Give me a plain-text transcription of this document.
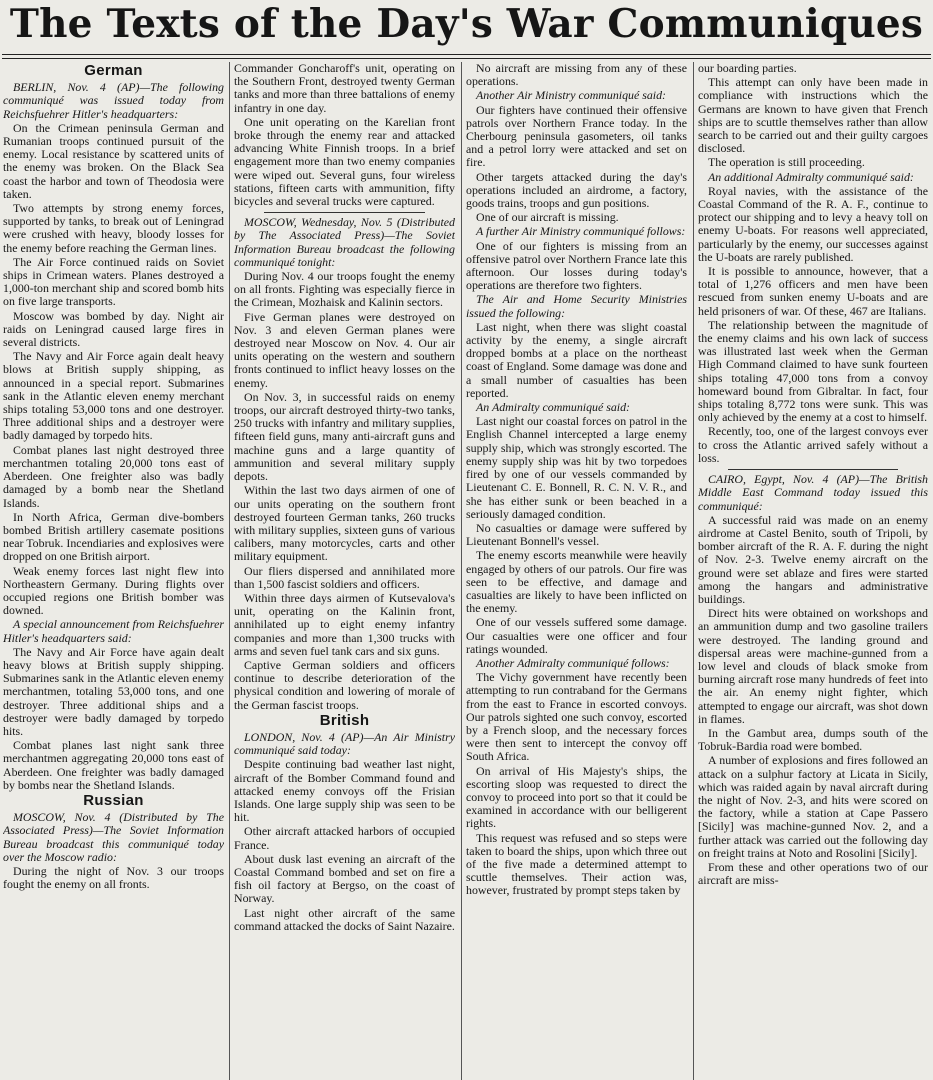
The Texts of the Day's War Communiques
German

BERLIN, Nov. 4 (AP)—The following communiqué was issued today from Reichsfuehrer Hitler's headquarters:

On the Crimean peninsula German and Rumanian troops continued pursuit of the enemy. Local resistance by scattered units of the enemy was broken. On the Black Sea coast the harbor and town of Theodosia were taken.

Two attempts by strong enemy forces, supported by tanks, to break out of Leningrad were crushed with heavy, bloody losses for the enemy before reaching the German lines.

The Air Force continued raids on Soviet ships in Crimean waters. Planes destroyed a 1,000-ton merchant ship and scored bomb hits on five large transports.

Moscow was bombed by day. Night air raids on Leningrad caused large fires in several districts.

The Navy and Air Force again dealt heavy blows at British supply shipping, as announced in a special report. Submarines sank in the Atlantic eleven enemy merchant ships totaling 53,000 tons and one destroyer. Three additional ships and a destroyer were badly damaged by torpedo hits.

Combat planes last night destroyed three merchantmen totaling 20,000 tons east of Aberdeen. One freighter also was badly damaged by a bomb near the Shetland Islands.

In North Africa, German dive-bombers bombed British artillery casemate positions near Tobruk. Incendiaries and explosives were dropped on one British airport.

Weak enemy forces last night flew into Northeastern Germany. During flights over occupied regions one British bomber was downed.

A special announcement from Reichsfuehrer Hitler's headquarters said:

The Navy and Air Force have again dealt heavy blows at British supply shipping. Submarines sank in the Atlantic eleven enemy merchantmen, totaling 53,000 tons, and one destroyer. Three additional ships and a destroyer were badly damaged by torpedo hits.

Combat planes last night sank three merchantmen aggregating 20,000 tons east of Aberdeen. One freighter was badly damaged by bombs near the Shetland Islands.

Russian

MOSCOW, Nov. 4 (Distributed by The Associated Press)—The Soviet Information Bureau broadcast this communiqué today over the Moscow radio:

During the night of Nov. 3 our troops fought the enemy on all fronts.

Commander Goncharoff's unit, operating on the Southern Front, destroyed twenty German tanks and more than three battalions of enemy infantry in one day.

One unit operating on the Karelian front broke through the enemy rear and attacked advancing White Finnish troops. In a brief engagement more than two enemy companies were wiped out. Several guns, four wireless stations, fifteen carts with ammunition, fifty bicycles and several trucks were captured.

MOSCOW, Wednesday, Nov. 5 (Distributed by The Associated Press)—The Soviet Information Bureau broadcast the following communiqué tonight:

During Nov. 4 our troops fought the enemy on all fronts. Fighting was especially fierce in the Crimean, Mozhaisk and Kalinin sectors.

Five German planes were destroyed on Nov. 3 and eleven German planes were destroyed near Moscow on Nov. 4. Our air units operating on the western and southern fronts continued to inflict heavy losses on the enemy.

On Nov. 3, in successful raids on enemy troops, our aircraft destroyed thirty-two tanks, 250 trucks with infantry and military supplies, fifteen field guns, many anti-aircraft guns and machine guns and a large quantity of ammunition and several military supply depots.

Within the last two days airmen of one of our units operating on the southern front destroyed fourteen German tanks, 260 trucks with military supplies, sixteen guns of various calibers, many motorcycles, carts and other military equipment.

Our fliers dispersed and annihilated more than 1,500 fascist soldiers and officers.

Within three days airmen of Kutsevalova's unit, operating on the Kalinin front, annihilated up to eight enemy infantry companies and more than 1,300 trucks with arms and seven fuel tank cars and six guns.

Captive German soldiers and officers continue to describe deterioration of the physical condition and lowering of morale of the German fascist troops.

British

LONDON, Nov. 4 (AP)—An Air Ministry communiqué said today:

Despite continuing bad weather last night, aircraft of the Bomber Command found and attacked enemy convoys off the Frisian Islands. One large supply ship was seen to be hit.

Other aircraft attacked harbors of occupied France.

About dusk last evening an aircraft of the Coastal Command bombed and set on fire a fish oil factory at Bergso, on the coast of Norway.

Last night other aircraft of the same command attacked the docks of Saint Nazaire.

No aircraft are missing from any of these operations.

Another Air Ministry communiqué said:

Our fighters have continued their offensive patrols over Northern France today. In the Cherbourg peninsula gasometers, oil tanks and a petrol lorry were attacked and set on fire.

Other targets attacked during the day's operations included an airdrome, a factory, goods trains, troops and gun positions.

One of our aircraft is missing.

A further Air Ministry communiqué follows:

One of our fighters is missing from an offensive patrol over Northern France late this afternoon. Our losses during today's operations are therefore two fighters.

The Air and Home Security Ministries issued the following:

Last night, when there was slight coastal activity by the enemy, a single aircraft dropped bombs at a place on the northeast coast of England. Some damage was done and a small number of casualties has been reported.

An Admiralty communiqué said:

Last night our coastal forces on patrol in the English Channel intercepted a large enemy supply ship, which was strongly escorted. The enemy supply ship was hit by two torpedoes fired by one of our vessels commanded by Lieutenant C. E. Bonnell, R. C. N. V. R., and she has either sunk or been beached in a seriously damaged condition.

No casualties or damage were suffered by Lieutenant Bonnell's vessel.

The enemy escorts meanwhile were heavily engaged by others of our patrols. Our fire was seen to be effective, and damage and casualties are likely to have been inflicted on the enemy.

One of our vessels suffered some damage. Our casualties were one officer and four ratings wounded.

Another Admiralty communiqué follows:

The Vichy government have recently been attempting to run contraband for the Germans from the east to France in escorted convoys. Our patrols sighted one such convoy, escorted by a French sloop, and the necessary forces were then sent to intercept the convoy off South Africa.

On arrival of His Majesty's ships, the escorting sloop was requested to direct the convoy to proceed into port so that it could be examined in accordance with our belligerent rights.

This request was refused and so steps were taken to board the ships, upon which three out of the five made a determined attempt to scuttle themselves. Their action was, however, frustrated by prompt steps taken by

our boarding parties.

This attempt can only have been made in compliance with instructions which the Germans are known to have given that French ships are to scuttle themselves rather than allow search to be carried out and their guilty cargoes disclosed.

The operation is still proceeding.

An additional Admiralty communiqué said:

Royal navies, with the assistance of the Coastal Command of the R. A. F., continue to protect our shipping and to levy a heavy toll on enemy U-boats. For reasons well appreciated, particularly by the enemy, our successes against the U-boats are rarely published.

It is possible to announce, however, that a total of 1,276 officers and men have been rescued from sunken enemy U-boats and are held prisoners of war. Of these, 467 are Italians.

The relationship between the magnitude of the enemy claims and his own lack of success was illustrated last week when the German High Command claimed to have sunk fourteen ships totaling 47,000 tons from a convoy homeward bound from Gibraltar. In fact, four ships totaling 8,772 tons were sunk. This was only achieved by the enemy at a cost to himself.

Recently, too, one of the largest convoys ever to cross the Atlantic arrived safely without a loss.

CAIRO, Egypt, Nov. 4 (AP)—The British Middle East Command today issued this communiqué:

A successful raid was made on an enemy airdrome at Castel Benito, south of Tripoli, by bomber aircraft of the R. A. F. during the night of Nov. 2-3. Twelve enemy aircraft on the ground were set ablaze and fires were started among the hangars and administrative buildings.

Direct hits were obtained on workshops and an ammunition dump and two gasoline trailers were destroyed. The landing ground and dispersal areas were machine-gunned from a low level and clouds of black smoke from burning aircraft rose many hundreds of feet into the air. An enemy night fighter, which attempted to engage our aircraft, was shot down in flames.

In the Gambut area, dumps south of the Tobruk-Bardia road were bombed.

A number of explosions and fires followed an attack on a sulphur factory at Licata in Sicily, which was raided again by naval aircraft during the night of Nov. 2-3, and hits were scored on the factory, while a station at Cape Passero [Sicily] was machine-gunned Nov. 2, and a further attack was carried out the following day on freight trains at Noto and Rosolini [Sicily].

From these and other operations two of our aircraft are miss-
